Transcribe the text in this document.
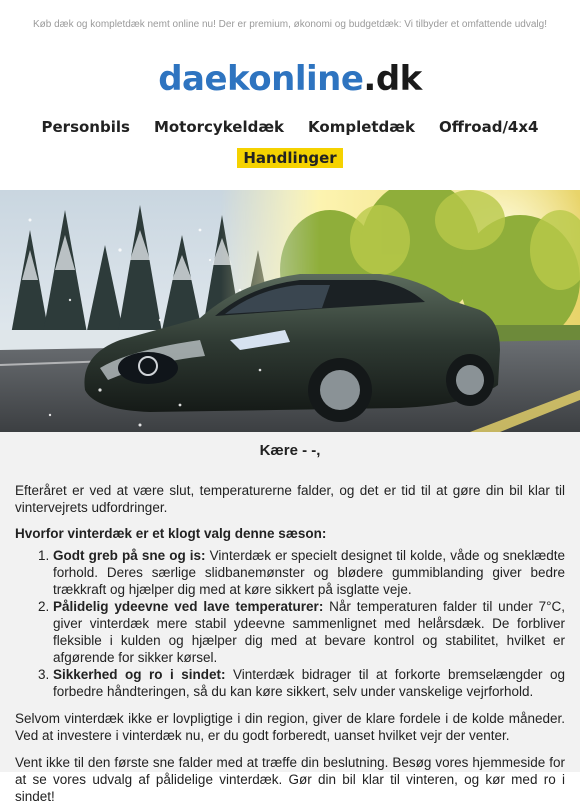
Køb dæk og kompletdæk nemt online nu! Der er premium, økonomi og budgetdæk: Vi tilbyder et omfattende udvalg!
daekonline.dk
Personbils Motorcykeldæk Kompletdæk Offroad/4x4
Handlinger
Kære - -,

Efteråret er ved at være slut, temperaturerne falder, og det er tid til at gøre din bil klar til vintervejrets udfordringer.

Hvorfor vinterdæk er et klogt valg denne sæson:
1. Godt greb på sne og is: Vinterdæk er specielt designet til kolde, våde og sneklædte forhold. Deres særlige slidbanemønster og blødere gummiblanding giver bedre trækkraft og hjælper dig med at køre sikkert på isglatte veje.
2. Pålidelig ydeevne ved lave temperaturer: Når temperaturen falder til under 7°C, giver vinterdæk mere stabil ydeevne sammenlignet med helårsdæk. De forbliver fleksible i kulden og hjælper dig med at bevare kontrol og stabilitet, hvilket er afgørende for sikker kørsel.
3. Sikkerhed og ro i sindet: Vinterdæk bidrager til at forkorte bremselængder og forbedre håndteringen, så du kan køre sikkert, selv under vanskelige vejrforhold.

Selvom vinterdæk ikke er lovpligtige i din region, giver de klare fordele i de kolde måneder. Ved at investere i vinterdæk nu, er du godt forberedt, uanset hvilket vejr der venter.

Vent ikke til den første sne falder med at træffe din beslutning. Besøg vores hjemmeside for at se vores udvalg af pålidelige vinterdæk. Gør din bil klar til vinteren, og kør med ro i sindet!
